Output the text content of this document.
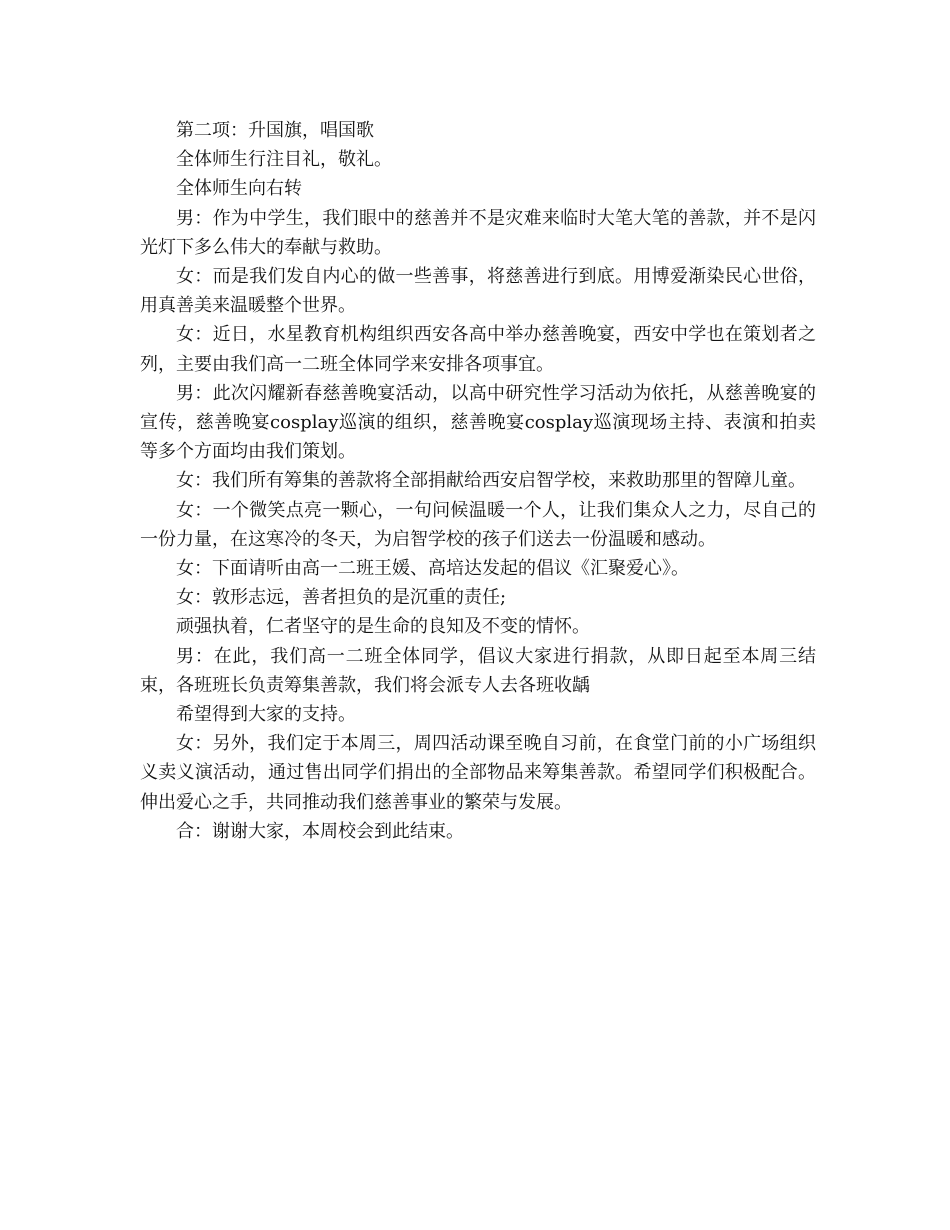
第二项：升国旗，唱国歌

全体师生行注目礼，敬礼。

全体师生向右转

男：作为中学生，我们眼中的慈善并不是灾难来临时大笔大笔的善款，并不是闪光灯下多么伟大的奉献与救助。

女：而是我们发自内心的做一些善事，将慈善进行到底。用博爱渐染民心世俗，用真善美来温暖整个世界。

女：近日，水星教育机构组织西安各高中举办慈善晚宴，西安中学也在策划者之列，主要由我们高一二班全体同学来安排各项事宜。

男：此次闪耀新春慈善晚宴活动，以高中研究性学习活动为依托，从慈善晚宴的宣传，慈善晚宴cosplay巡演的组织，慈善晚宴cosplay巡演现场主持、表演和拍卖等多个方面均由我们策划。

女：我们所有筹集的善款将全部捐献给西安启智学校，来救助那里的智障儿童。

女：一个微笑点亮一颗心，一句问候温暖一个人，让我们集众人之力，尽自己的一份力量，在这寒冷的冬天，为启智学校的孩子们送去一份温暖和感动。

女：下面请听由高一二班王媛、高培达发起的倡议《汇聚爱心》。

女：敦形志远，善者担负的是沉重的责任;

顽强执着，仁者坚守的是生命的良知及不变的情怀。

男：在此，我们高一二班全体同学，倡议大家进行捐款，从即日起至本周三结束，各班班长负责筹集善款，我们将会派专人去各班收龋

希望得到大家的支持。

女：另外，我们定于本周三，周四活动课至晚自习前，在食堂门前的小广场组织义卖义演活动，通过售出同学们捐出的全部物品来筹集善款。希望同学们积极配合。伸出爱心之手，共同推动我们慈善事业的繁荣与发展。

合：谢谢大家，本周校会到此结束。
